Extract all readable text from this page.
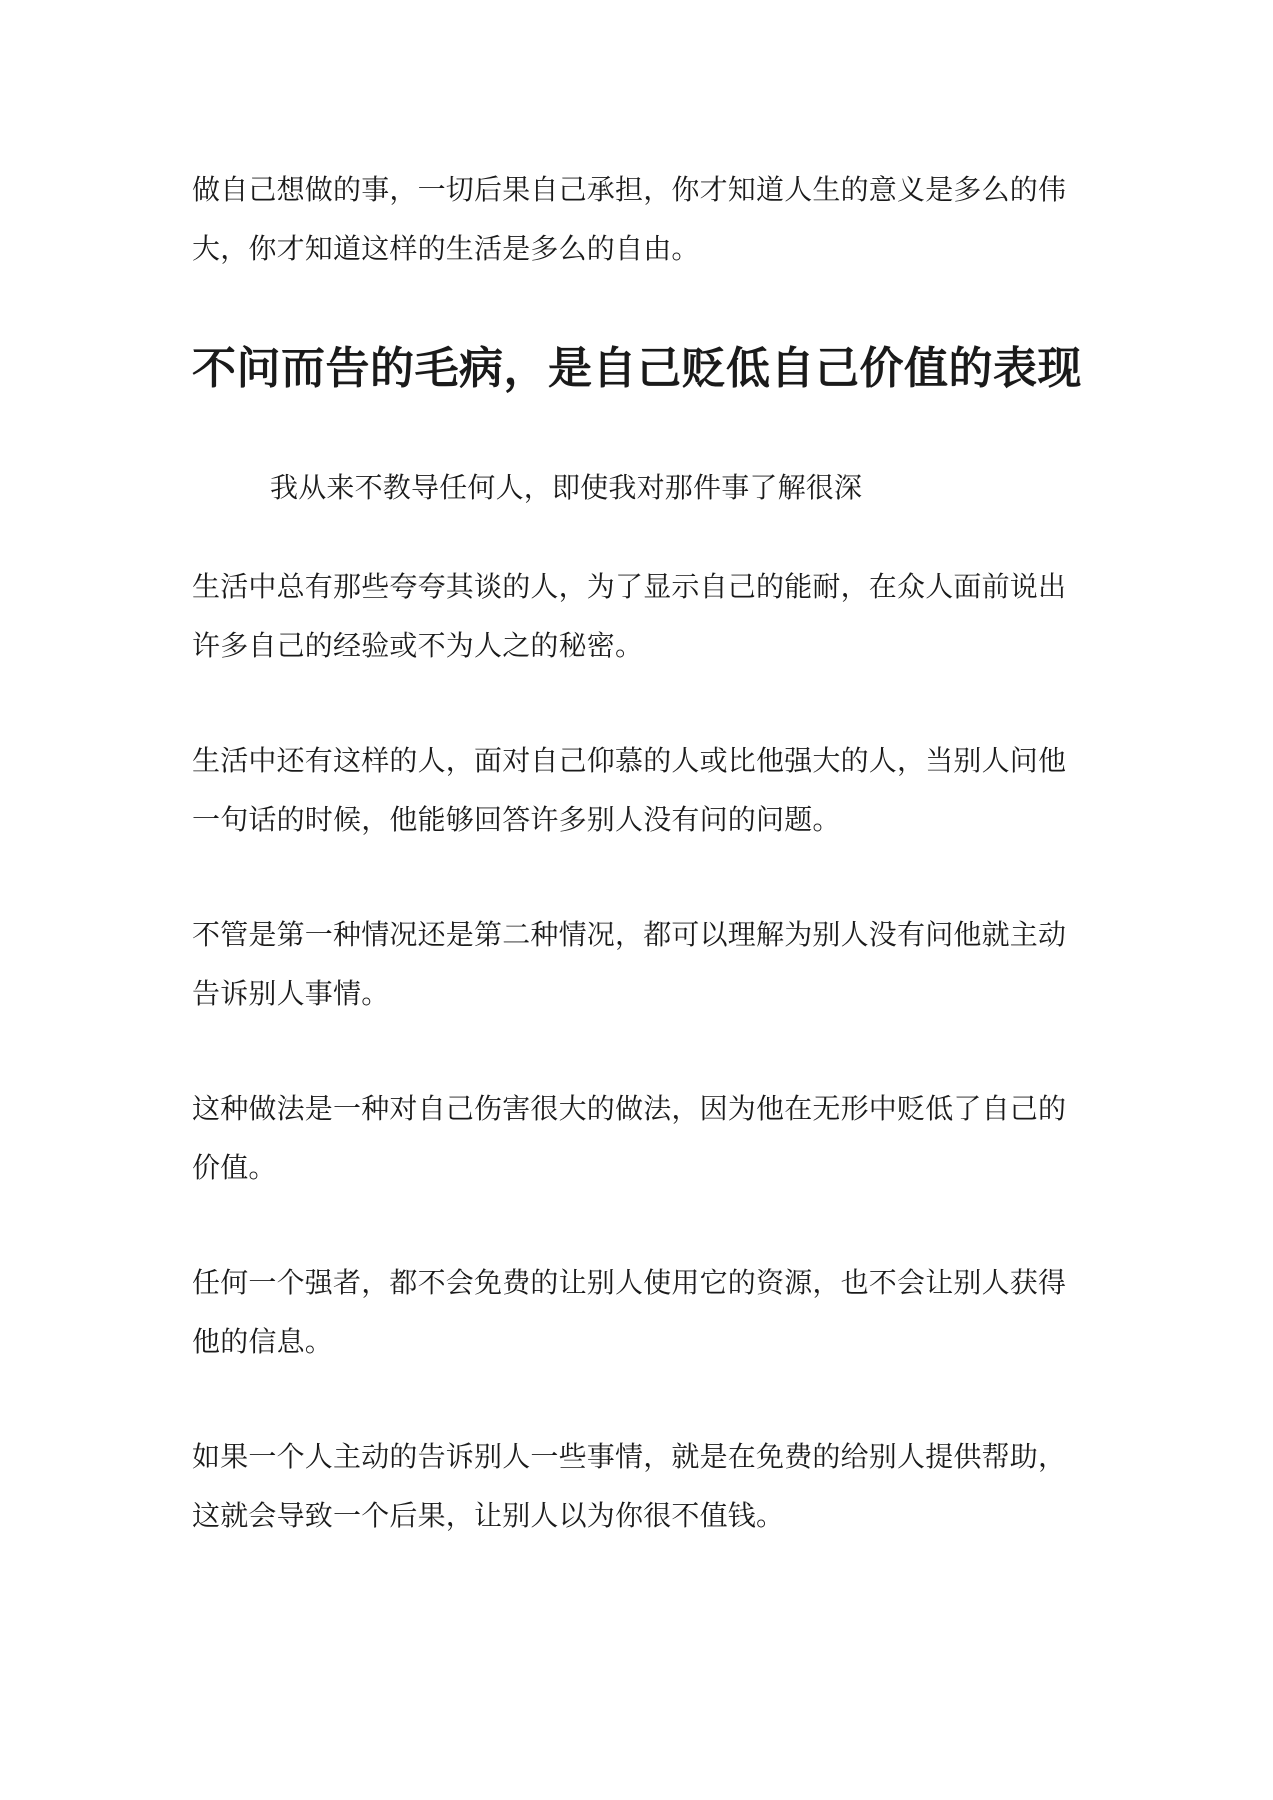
做自己想做的事，一切后果自己承担，你才知道人生的意义是多么的伟大，你才知道这样的生活是多么的自由。

不问而告的毛病，是自己贬低自己价值的表现

我从来不教导任何人，即使我对那件事了解很深

生活中总有那些夸夸其谈的人，为了显示自己的能耐，在众人面前说出许多自己的经验或不为人之的秘密。

生活中还有这样的人，面对自己仰慕的人或比他强大的人，当别人问他一句话的时候，他能够回答许多别人没有问的问题。

不管是第一种情况还是第二种情况，都可以理解为别人没有问他就主动告诉别人事情。

这种做法是一种对自己伤害很大的做法，因为他在无形中贬低了自己的价值。

任何一个强者，都不会免费的让别人使用它的资源，也不会让别人获得他的信息。

如果一个人主动的告诉别人一些事情，就是在免费的给别人提供帮助，这就会导致一个后果，让别人以为你很不值钱。
